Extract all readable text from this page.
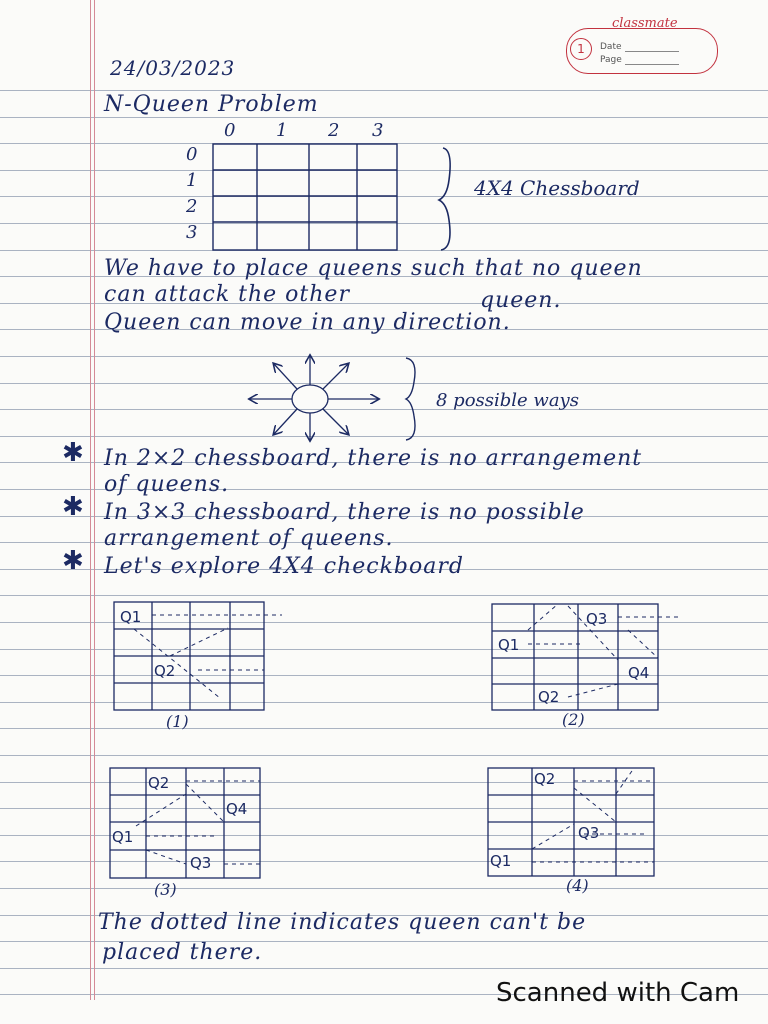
classmate
1	Date
Page
24/03/2023
N-Queen Problem
0 1 2 3
0
1
2
3
4X4 Chessboard
We have to place queens such that no queen
can attack the other	queen.
Queen can move in any direction.
8 possible ways
✱ In 2×2 chessboard, there is no arrangement
of queens.
✱ In 3×3 chessboard, there is no possible
arrangement of queens.
✱ Let's explore 4X4 checkboard
Q1
Q2
(1)
Q3
Q1
Q4
Q2
(2)
Q2
Q4
Q1
Q3
(3)
Q2
Q3
Q1
(4)
The dotted line indicates queen can't be
placed there.
Scanned with Cam
